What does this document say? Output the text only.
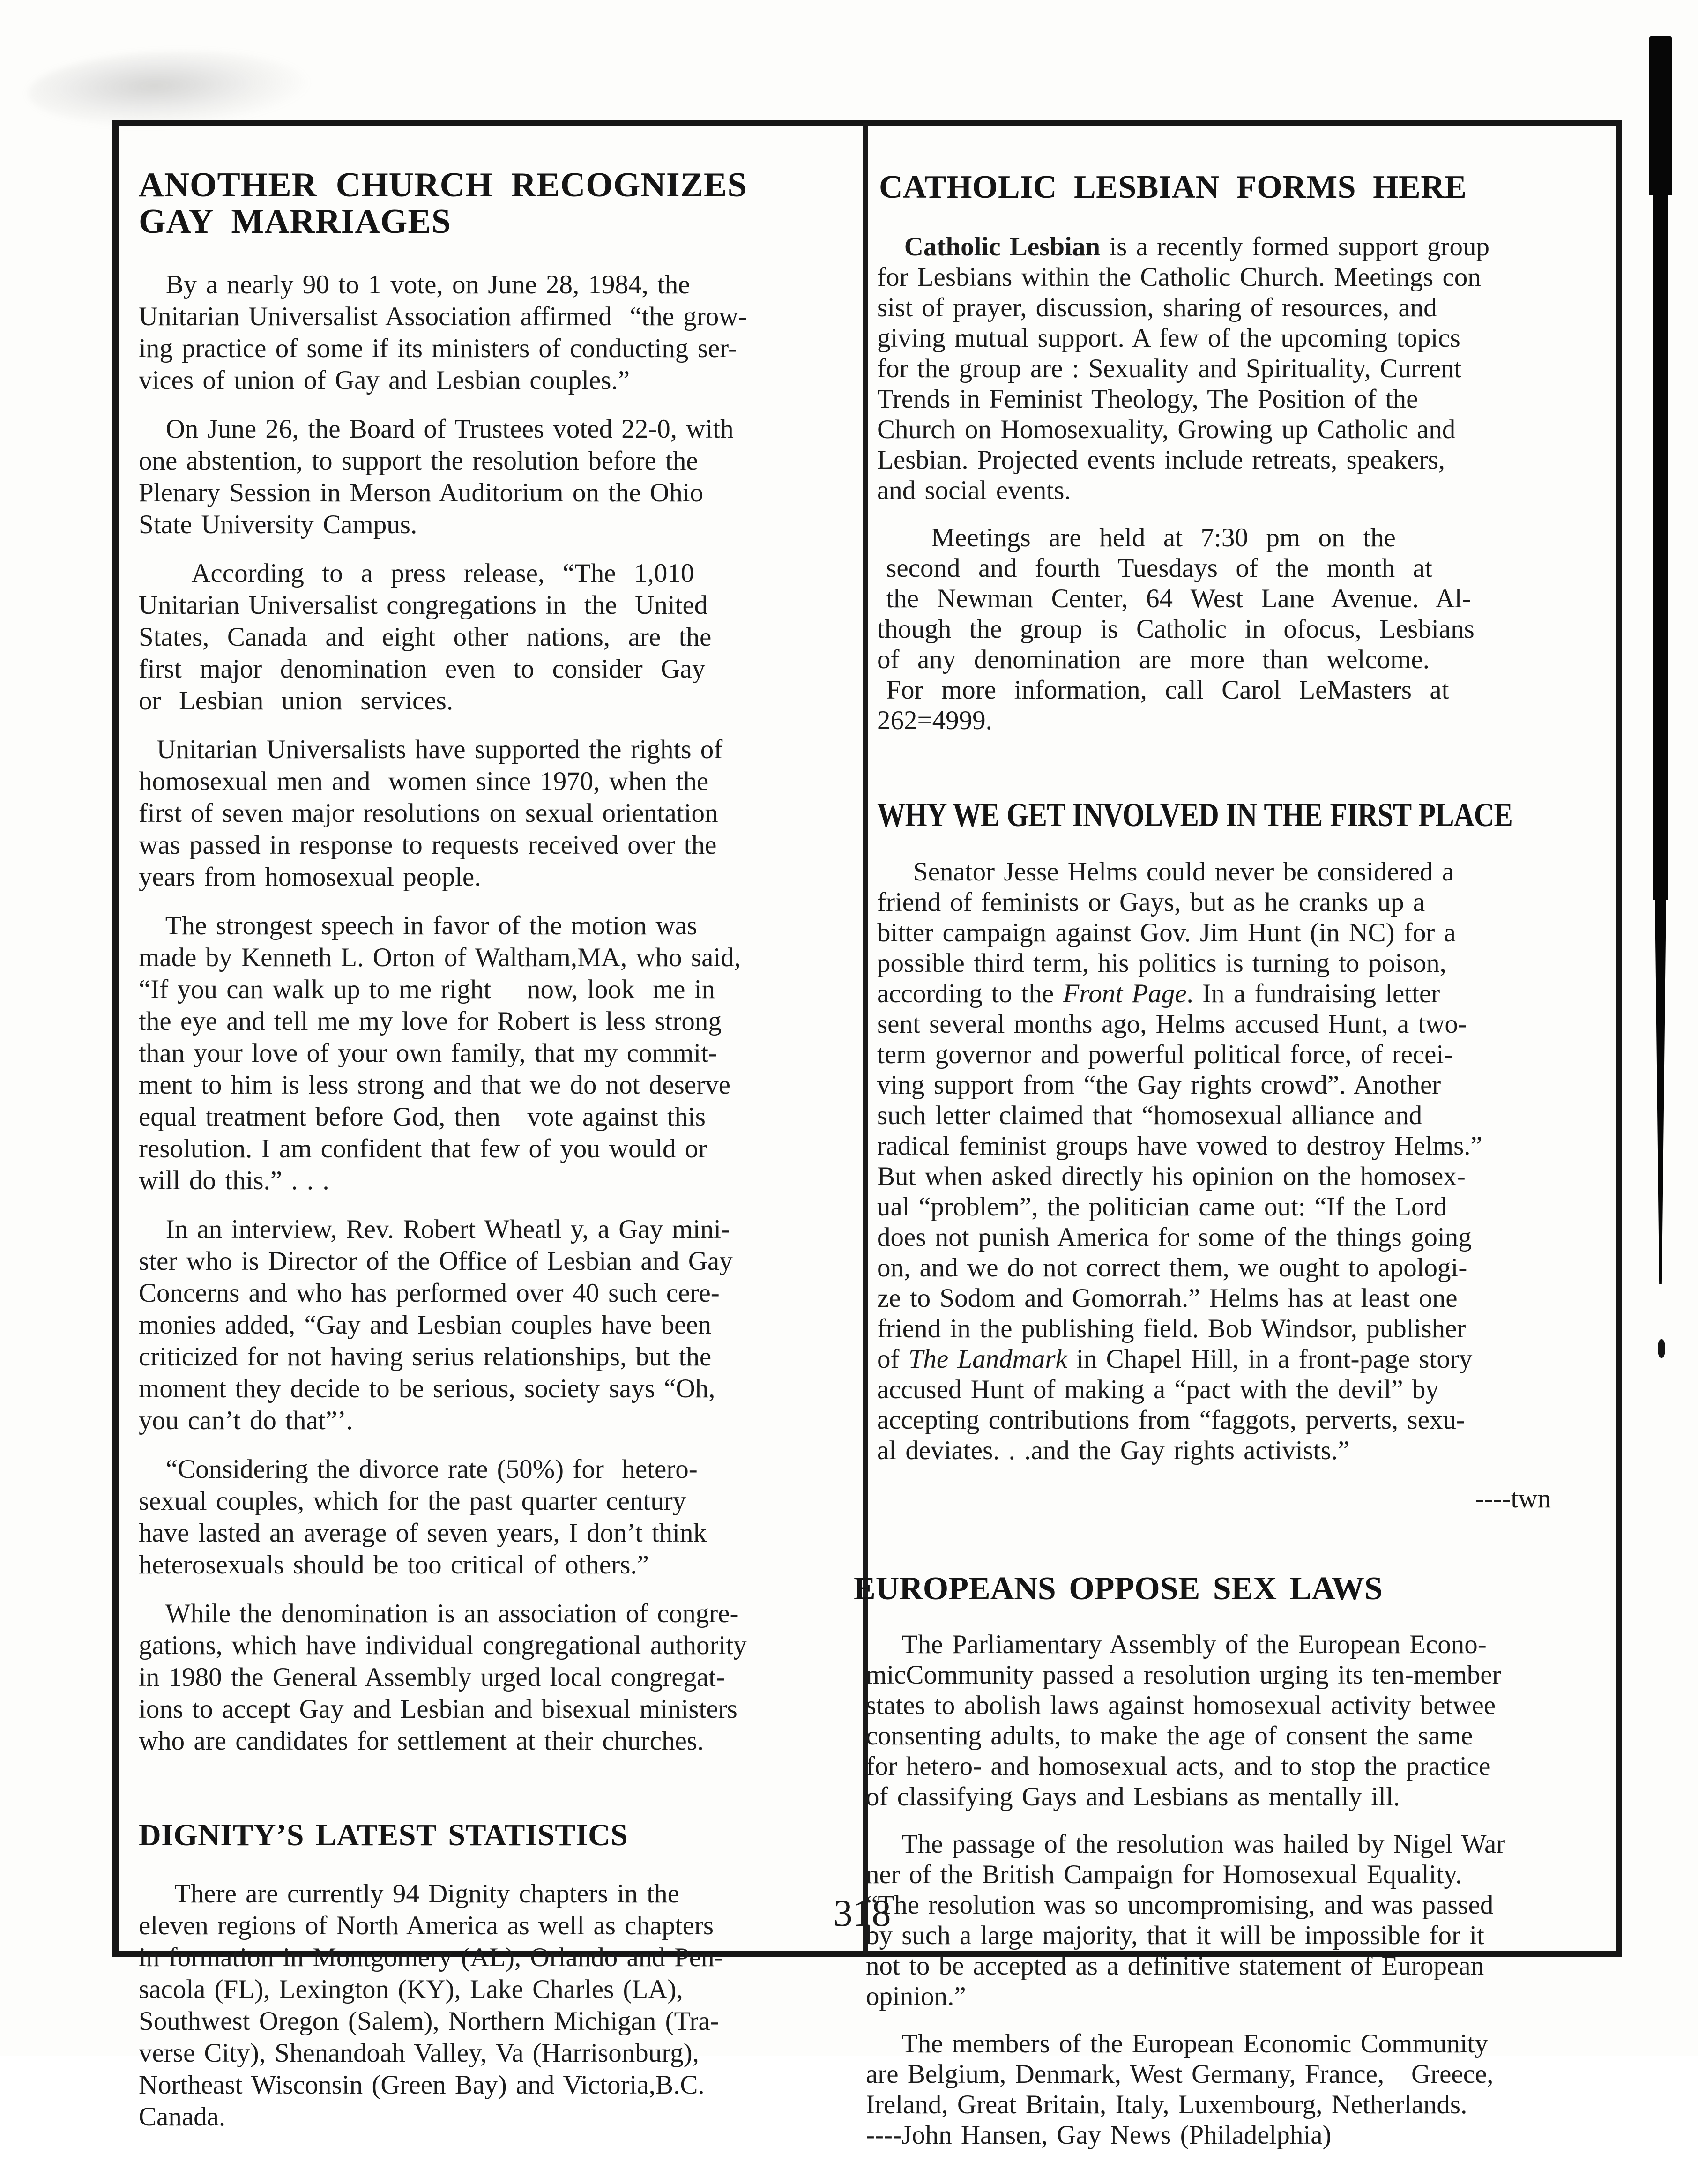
ANOTHER CHURCH RECOGNIZES
GAY MARRIAGES

By a nearly 90 to 1 vote, on June 28, 1984, the
Unitarian Universalist Association affirmed  “the grow-
ing practice of some if its ministers of conducting ser-
vices of union of Gay and Lesbian couples.”

On June 26, the Board of Trustees voted 22-0, with
one abstention, to support the resolution before the
Plenary Session in Merson Auditorium on the Ohio
State University Campus.

According  to  a  press  release,  “The  1,010
Unitarian Universalist congregations in  the  United
States,  Canada  and  eight  other  nations,  are  the
first  major  denomination  even  to  consider  Gay
or  Lesbian  union  services.

Unitarian Universalists have supported the rights of
homosexual men and  women since 1970, when the
first of seven major resolutions on sexual orientation
was passed in response to requests received over the
years from homosexual people.

The strongest speech in favor of the motion was
made by Kenneth L. Orton of Waltham,MA, who said,
“If you can walk up to me right    now, look  me in
the eye and tell me my love for Robert is less strong
than your love of your own family, that my commit-
ment to him is less strong and that we do not deserve
equal treatment before God, then   vote against this
resolution. I am confident that few of you would or
will do this.” . . .

In an interview, Rev. Robert Wheatl y, a Gay mini-
ster who is Director of the Office of Lesbian and Gay
Concerns and who has performed over 40 such cere-
monies added, “Gay and Lesbian couples have been
criticized for not having serius relationships, but the
moment they decide to be serious, society says “Oh,
you can’t do that”’.

“Considering the divorce rate (50%) for  hetero-
sexual couples, which for the past quarter century
have lasted an average of seven years, I don’t think
heterosexuals should be too critical of others.”

While the denomination is an association of congre-
gations, which have individual congregational authority
in 1980 the General Assembly urged local congregat-
ions to accept Gay and Lesbian and bisexual ministers
who are candidates for settlement at their churches.

DIGNITY’S LATEST STATISTICS

There are currently 94 Dignity chapters in the
eleven regions of North America as well as chapters
in formation in Montgomery (AL), Orlando and Pen-
sacola (FL), Lexington (KY), Lake Charles (LA),
Southwest Oregon (Salem), Northern Michigan (Tra-
verse City), Shenandoah Valley, Va (Harrisonburg),
Northeast Wisconsin (Green Bay) and Victoria,B.C.
Canada.

CATHOLIC LESBIAN FORMS HERE

Catholic Lesbian is a recently formed support group
for Lesbians within the Catholic Church. Meetings con
sist of prayer, discussion, sharing of resources, and
giving mutual support. A few of the upcoming topics
for the group are : Sexuality and Spirituality, Current
Trends in Feminist Theology, The Position of the
Church on Homosexuality, Growing up Catholic and
Lesbian. Projected events include retreats, speakers,
and social events.

Meetings  are  held  at  7:30  pm  on  the
second  and  fourth  Tuesdays  of  the  month  at
the  Newman  Center,  64  West  Lane  Avenue.  Al-
though  the  group  is  Catholic  in  ofocus,  Lesbians
of  any  denomination  are  more  than  welcome.
For  more  information,  call  Carol  LeMasters  at
262=4999.

WHY WE GET INVOLVED IN THE FIRST PLACE

Senator Jesse Helms could never be considered a
friend of feminists or Gays, but as he cranks up a
bitter campaign against Gov. Jim Hunt (in NC) for a
possible third term, his politics is turning to poison,
according to the Front Page. In a fundraising letter
sent several months ago, Helms accused Hunt, a two-
term governor and powerful political force, of recei-
ving support from “the Gay rights crowd”. Another
such letter claimed that “homosexual alliance and
radical feminist groups have vowed to destroy Helms.”
But when asked directly his opinion on the homosex-
ual “problem”, the politician came out: “If the Lord
does not punish America for some of the things going
on, and we do not correct them, we ought to apologi-
ze to Sodom and Gomorrah.” Helms has at least one
friend in the publishing field. Bob Windsor, publisher
of The Landmark in Chapel Hill, in a front-page story
accused Hunt of making a “pact with the devil” by
accepting contributions from “faggots, perverts, sexu-
al deviates. . .and the Gay rights activists.”

----twn

EUROPEANS OPPOSE SEX LAWS

The Parliamentary Assembly of the European Econo-
micCommunity passed a resolution urging its ten-member
states to abolish laws against homosexual activity betwee
consenting adults, to make the age of consent the same
for hetero- and homosexual acts, and to stop the practice
of classifying Gays and Lesbians as mentally ill.

The passage of the resolution was hailed by Nigel War
ner of the British Campaign for Homosexual Equality.
“The resolution was so uncompromising, and was passed
by such a large majority, that it will be impossible for it
not to be accepted as a definitive statement of European
opinion.”

The members of the European Economic Community
are Belgium, Denmark, West Germany, France,   Greece,
Ireland, Great Britain, Italy, Luxembourg, Netherlands.
----John Hansen, Gay News (Philadelphia)

318
